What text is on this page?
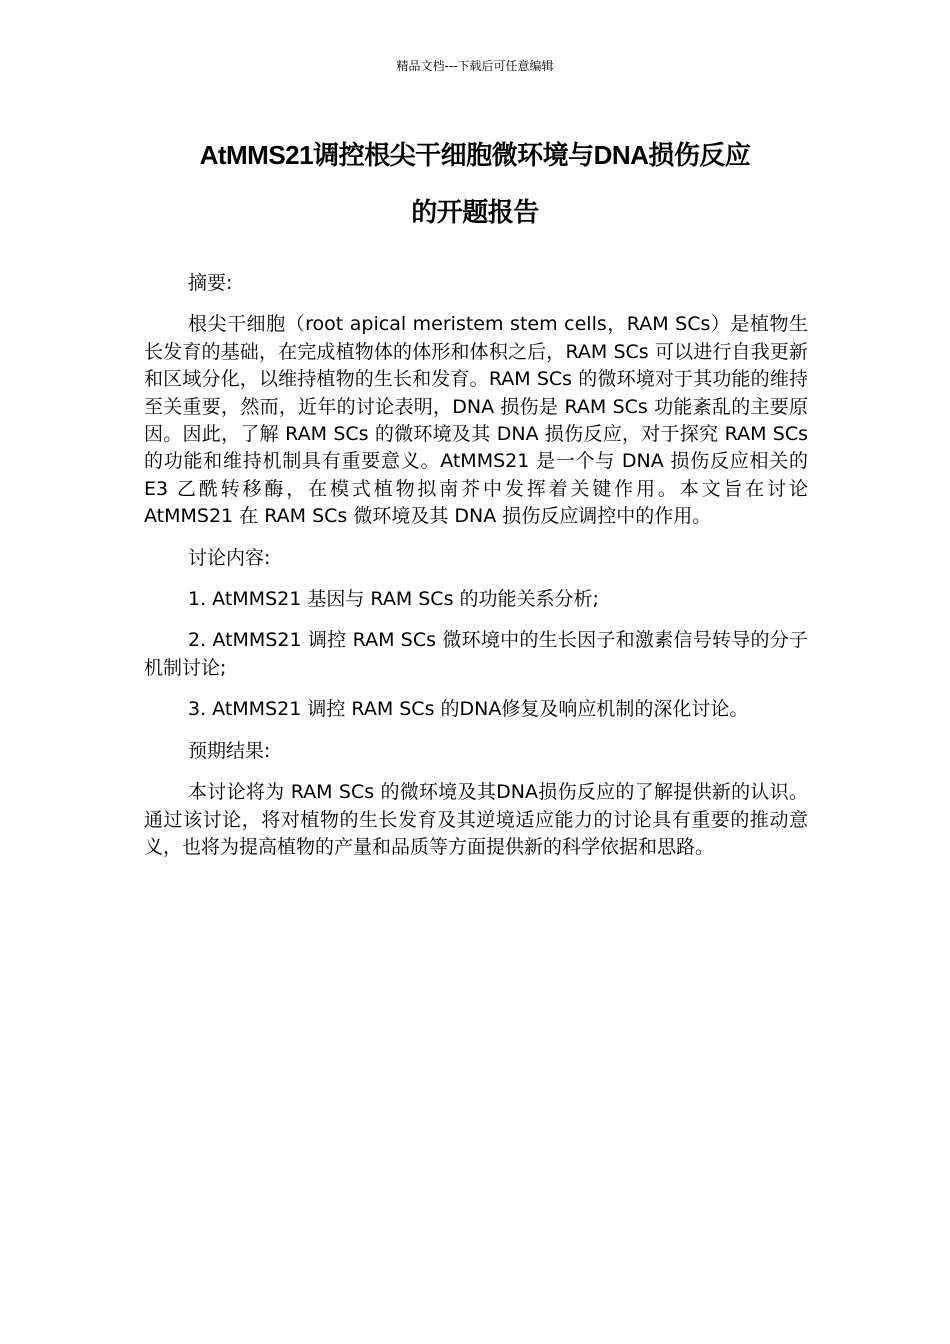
精品文档---下载后可任意编辑
AtMMS21调控根尖干细胞微环境与DNA损伤反应
的开题报告

摘要:

根尖干细胞（root apical meristem stem cells，RAM SCs）是植物生长发育的基础，在完成植物体的体形和体积之后，RAM SCs 可以进行自我更新和区域分化，以维持植物的生长和发育。RAM SCs 的微环境对于其功能的维持至关重要，然而，近年的讨论表明，DNA 损伤是 RAM SCs 功能紊乱的主要原因。因此，了解 RAM SCs 的微环境及其 DNA 损伤反应，对于探究 RAM SCs 的功能和维持机制具有重要意义。AtMMS21 是一个与 DNA 损伤反应相关的 E3 乙酰转移酶，在模式植物拟南芥中发挥着关键作用。本文旨在讨论 AtMMS21 在 RAM SCs 微环境及其 DNA 损伤反应调控中的作用。

讨论内容:

1. AtMMS21 基因与 RAM SCs 的功能关系分析;

2. AtMMS21 调控 RAM SCs 微环境中的生长因子和激素信号转导的分子机制讨论;

3. AtMMS21 调控 RAM SCs 的DNA修复及响应机制的深化讨论。

预期结果:

本讨论将为 RAM SCs 的微环境及其DNA损伤反应的了解提供新的认识。通过该讨论，将对植物的生长发育及其逆境适应能力的讨论具有重要的推动意义，也将为提高植物的产量和品质等方面提供新的科学依据和思路。
